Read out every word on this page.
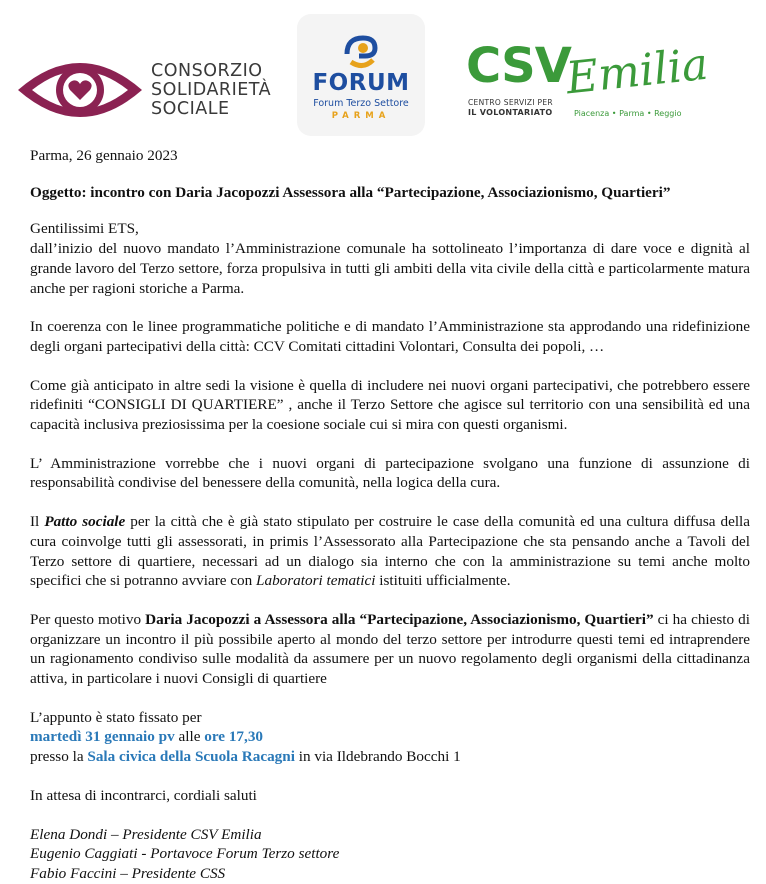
CONSORZIO
SOLIDARIETÀ
SOCIALE
FORUM
Forum Terzo Settore
PARMA
CSV
Emilia
CENTRO SERVIZI PER
IL VOLONTARIATO	Piacenza • Parma • Reggio

Parma, 26 gennaio 2023

Oggetto: incontro con Daria Jacopozzi Assessora alla “Partecipazione, Associazionismo, Quartieri”

Gentilissimi ETS,

dall’inizio del nuovo mandato l’Amministrazione comunale ha sottolineato l’importanza di dare voce e dignità al grande lavoro del Terzo settore, forza propulsiva in tutti gli ambiti della vita civile della città e particolarmente matura anche per ragioni storiche a Parma.

In coerenza con le linee programmatiche politiche e di mandato l’Amministrazione sta approdando una ridefinizione degli organi partecipativi della città: CCV Comitati cittadini Volontari, Consulta dei popoli, …

Come già anticipato in altre sedi la visione è quella di includere nei nuovi organi partecipativi, che potrebbero essere ridefiniti “CONSIGLI DI QUARTIERE” , anche il Terzo Settore che agisce sul territorio con una sensibilità ed una capacità inclusiva preziosissima per la coesione sociale cui si mira con questi organismi.

L’ Amministrazione vorrebbe che i nuovi organi di partecipazione svolgano una funzione di assunzione di responsabilità condivise del benessere della comunità, nella logica della cura.

Il Patto sociale per la città che è già stato stipulato per costruire le case della comunità ed una cultura diffusa della cura coinvolge tutti gli assessorati, in primis l’Assessorato alla Partecipazione che sta pensando anche a Tavoli del Terzo settore di quartiere, necessari ad un dialogo sia interno che con la amministrazione su temi anche molto specifici che si potranno avviare con Laboratori tematici istituiti ufficialmente.

Per questo motivo Daria Jacopozzi a Assessora alla “Partecipazione, Associazionismo, Quartieri” ci ha chiesto di organizzare un incontro il più possibile aperto al mondo del terzo settore per introdurre questi temi ed intraprendere un ragionamento condiviso sulle modalità da assumere per un nuovo regolamento degli organismi della cittadinanza attiva, in particolare i nuovi Consigli di quartiere

L’appunto è stato fissato per

martedì 31 gennaio pv alle ore 17,30

presso la Sala civica della Scuola Racagni in via Ildebrando Bocchi 1

In attesa di incontrarci, cordiali saluti

Elena Dondi – Presidente CSV Emilia

Eugenio Caggiati - Portavoce Forum Terzo settore

Fabio Faccini – Presidente CSS
